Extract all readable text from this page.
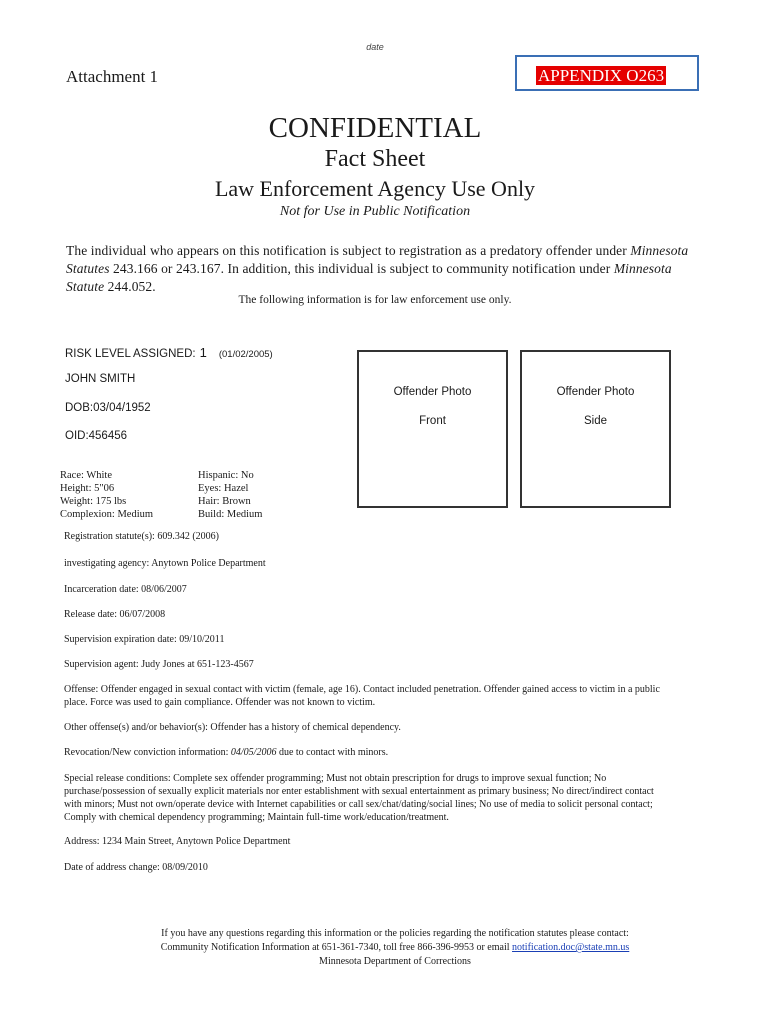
date
Attachment 1	APPENDIX O263
CONFIDENTIAL
Fact Sheet
Law Enforcement Agency Use Only
Not for Use in Public Notification
The individual who appears on this notification is subject to registration as a predatory offender under Minnesota Statutes 243.166 or 243.167. In addition, this individual is subject to community notification under Minnesota Statute 244.052.
The following information is for law enforcement use only.
RISK LEVEL ASSIGNED: 1 (01/02/2005)
JOHN SMITH
DOB:03/04/1952
OID:456456
Offender Photo
Front
Offender Photo
Side
Race: White
Height: 5"06
Weight: 175 lbs
Complexion: Medium
Hispanic: No
Eyes: Hazel
Hair: Brown
Build: Medium
Registration statute(s): 609.342 (2006)
investigating agency: Anytown Police Department
Incarceration date: 08/06/2007
Release date: 06/07/2008
Supervision expiration date: 09/10/2011
Supervision agent: Judy Jones at 651-123-4567
Offense: Offender engaged in sexual contact with victim (female, age 16). Contact included penetration. Offender gained access to victim in a public place. Force was used to gain compliance. Offender was not known to victim.
Other offense(s) and/or behavior(s): Offender has a history of chemical dependency.
Revocation/New conviction information: 04/05/2006 due to contact with minors.
Special release conditions: Complete sex offender programming; Must not obtain prescription for drugs to improve sexual function; No purchase/possession of sexually explicit materials nor enter establishment with sexual entertainment as primary business; No direct/indirect contact with minors; Must not own/operate device with Internet capabilities or call sex/chat/dating/social lines; No use of media to solicit personal contact; Comply with chemical dependency programming; Maintain full-time work/education/treatment.
Address: 1234 Main Street, Anytown Police Department
Date of address change: 08/09/2010
If you have any questions regarding this information or the policies regarding the notification statutes please contact:
Community Notification Information at 651-361-7340, toll free 866-396-9953 or email notification.doc@state.mn.us
Minnesota Department of Corrections
